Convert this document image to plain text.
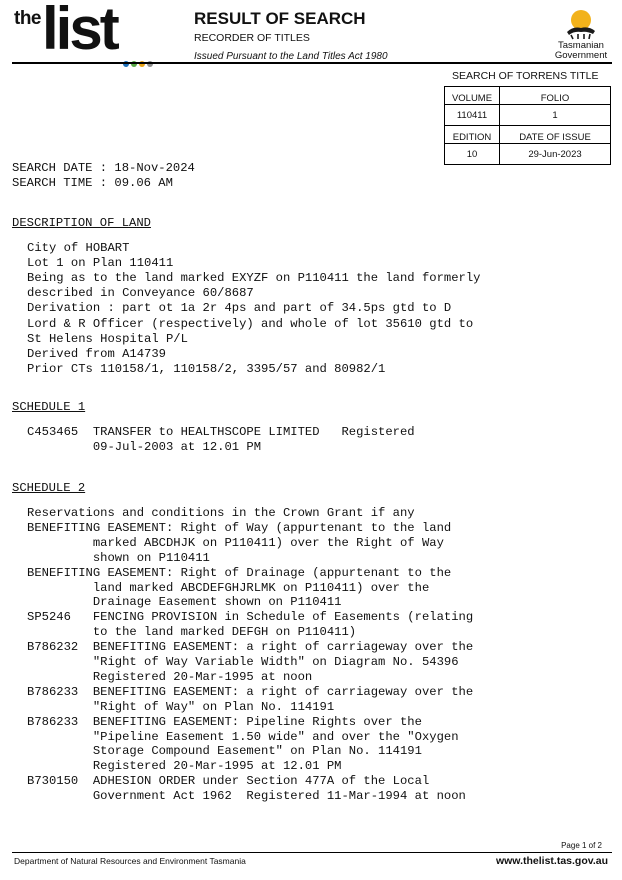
the list	RESULT OF SEARCH
RECORDER OF TITLES
Issued Pursuant to the Land Titles Act 1980
Tasmanian
Government
SEARCH OF TORRENS TITLE
VOLUME	FOLIO
110411	1
EDITION	DATE OF ISSUE
10	29-Jun-2023
SEARCH DATE : 18-Nov-2024
SEARCH TIME : 09.06 AM
DESCRIPTION OF LAND
City of HOBART
Lot 1 on Plan 110411
Being as to the land marked EXYZF on P110411 the land formerly
described in Conveyance 60/8687
Derivation : part ot 1a 2r 4ps and part of 34.5ps gtd to D
Lord & R Officer (respectively) and whole of lot 35610 gtd to
St Helens Hospital P/L
Derived from A14739
Prior CTs 110158/1, 110158/2, 3395/57 and 80982/1
SCHEDULE 1
C453465  TRANSFER to HEALTHSCOPE LIMITED   Registered
09-Jul-2003 at 12.01 PM
SCHEDULE 2
Reservations and conditions in the Crown Grant if any
BENEFITING EASEMENT: Right of Way (appurtenant to the land
marked ABCDHJK on P110411) over the Right of Way
shown on P110411
BENEFITING EASEMENT: Right of Drainage (appurtenant to the
land marked ABCDEFGHJRLMK on P110411) over the
Drainage Easement shown on P110411
SP5246   FENCING PROVISION in Schedule of Easements (relating
to the land marked DEFGH on P110411)
B786232  BENEFITING EASEMENT: a right of carriageway over the
"Right of Way Variable Width" on Diagram No. 54396
Registered 20-Mar-1995 at noon
B786233  BENEFITING EASEMENT: a right of carriageway over the
"Right of Way" on Plan No. 114191
B786233  BENEFITING EASEMENT: Pipeline Rights over the
"Pipeline Easement 1.50 wide" and over the "Oxygen
Storage Compound Easement" on Plan No. 114191
Registered 20-Mar-1995 at 12.01 PM
B730150  ADHESION ORDER under Section 477A of the Local
Government Act 1962  Registered 11-Mar-1994 at noon
Page 1 of 2
Department of Natural Resources and Environment Tasmania	www.thelist.tas.gov.au
